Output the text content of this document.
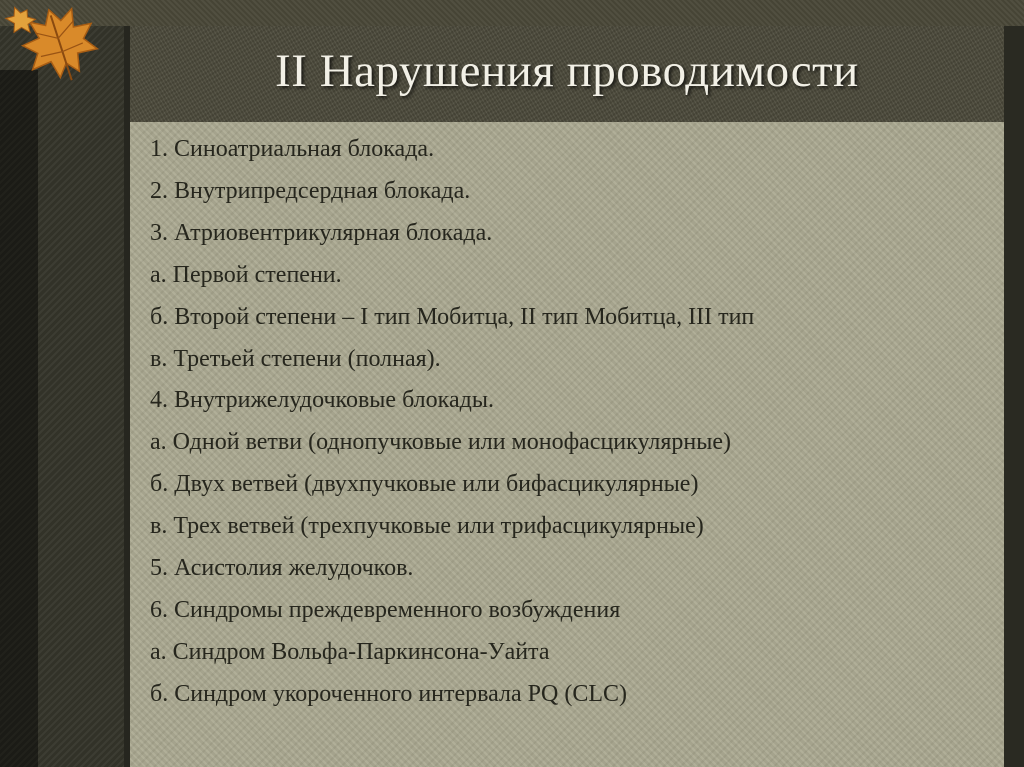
II Нарушения проводимости
1. Синоатриальная блокада.
2. Внутрипредсердная блокада.
3. Атриовентрикулярная блокада.
а. Первой степени.
б. Второй степени – I тип Мобитца, II тип Мобитца, III тип
в. Третьей степени (полная).
4. Внутрижелудочковые блокады.
а. Одной ветви (однопучковые или монофасцикулярные)
б. Двух ветвей (двухпучковые или бифасцикулярные)
в. Трех ветвей (трехпучковые или трифасцикулярные)
5. Асистолия желудочков.
6. Синдромы преждевременного возбуждения
а. Синдром Вольфа-Паркинсона-Уайта
б. Синдром укороченного интервала PQ (CLC)
